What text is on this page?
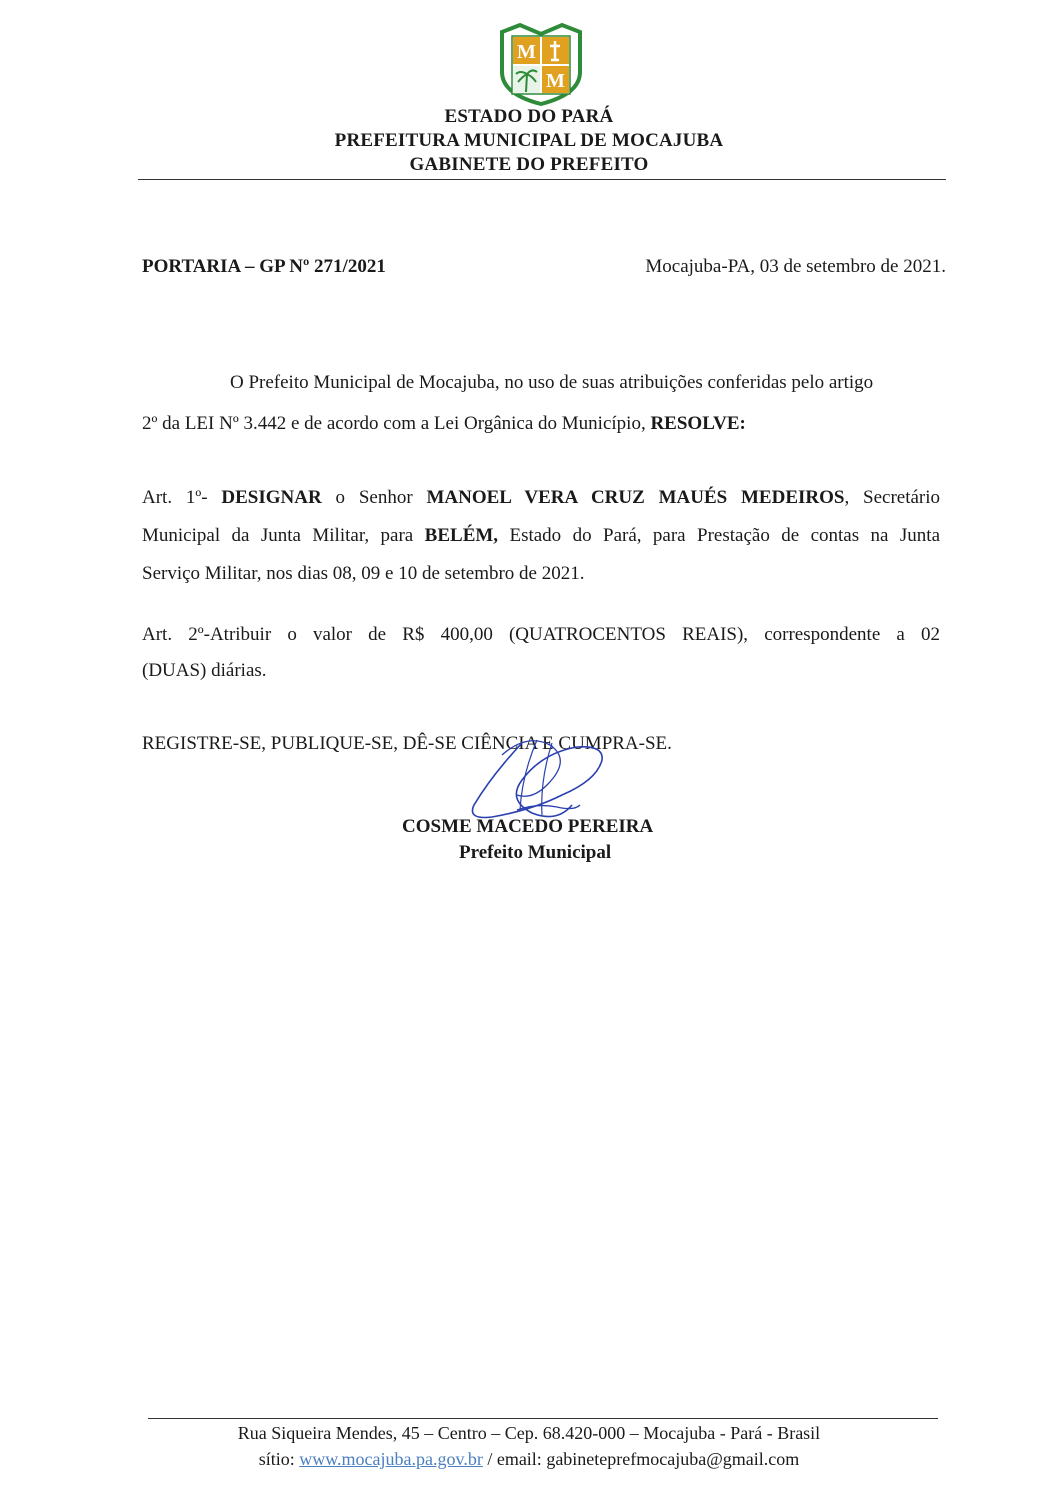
M
M
ESTADO DO PARÁ
PREFEITURA MUNICIPAL DE MOCAJUBA
GABINETE DO PREFEITO
PORTARIA – GP Nº 271/2021	Mocajuba-PA, 03 de setembro de 2021.
O Prefeito Municipal de Mocajuba, no uso de suas atribuições conferidas pelo artigo
2º da LEI Nº 3.442 e de acordo com a Lei Orgânica do Município, RESOLVE:
Art. 1º- DESIGNAR o Senhor MANOEL VERA CRUZ MAUÉS MEDEIROS, Secretário
Municipal da Junta Militar, para BELÉM, Estado do Pará, para Prestação de contas na Junta
Serviço Militar, nos dias 08, 09 e 10 de setembro de 2021.
Art. 2º-Atribuir o valor de R$ 400,00 (QUATROCENTOS REAIS), correspondente a 02
(DUAS) diárias.
REGISTRE-SE, PUBLIQUE-SE, DÊ-SE CIÊNCIA E CUMPRA-SE.
COSME MACEDO PEREIRA
Prefeito Municipal
Rua Siqueira Mendes, 45 – Centro – Cep. 68.420-000 – Mocajuba - Pará - Brasil
sítio: www.mocajuba.pa.gov.br / email: gabineteprefmocajuba@gmail.com
